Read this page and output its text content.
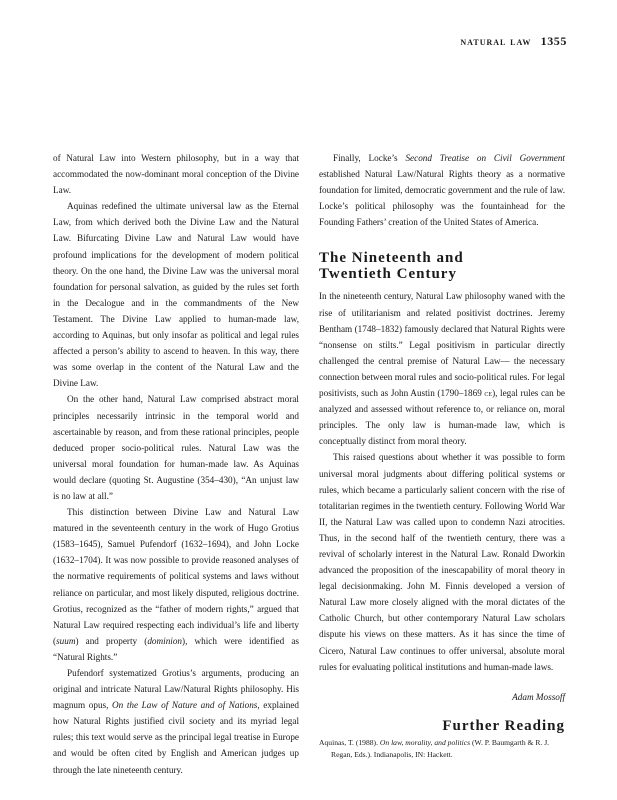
natural law 1355

of Natural Law into Western philosophy, but in a way that accommodated the now-dominant moral conception of the Divine Law.

Aquinas redefined the ultimate universal law as the Eternal Law, from which derived both the Divine Law and the Natural Law. Bifurcating Divine Law and Natural Law would have profound implications for the development of modern political theory. On the one hand, the Divine Law was the universal moral foundation for personal salvation, as guided by the rules set forth in the Decalogue and in the commandments of the New Testament. The Divine Law applied to human-made law, according to Aquinas, but only insofar as political and legal rules affected a person’s ability to ascend to heaven. In this way, there was some overlap in the content of the Natural Law and the Divine Law.

On the other hand, Natural Law comprised abstract moral principles necessarily intrinsic in the temporal world and ascertainable by reason, and from these rational principles, people deduced proper socio-political rules. Natural Law was the universal moral foundation for human-made law. As Aquinas would declare (quoting St. Augustine (354–430), “An unjust law is no law at all.”

This distinction between Divine Law and Natural Law matured in the seventeenth century in the work of Hugo Grotius (1583–1645), Samuel Pufendorf (1632–1694), and John Locke (1632–1704). It was now possible to provide reasoned analyses of the normative requirements of political systems and laws without reliance on particular, and most likely disputed, religious doctrine. Grotius, recognized as the “father of modern rights,” argued that Natural Law required respecting each individual’s life and liberty (suum) and property (dominion), which were identified as “Natural Rights.”

Pufendorf systematized Grotius’s arguments, producing an original and intricate Natural Law/Natural Rights philosophy. His magnum opus, On the Law of Nature and of Nations, explained how Natural Rights justified civil society and its myriad legal rules; this text would serve as the principal legal treatise in Europe and would be often cited by English and American judges up through the late nineteenth century.

Finally, Locke’s Second Treatise on Civil Government established Natural Law/Natural Rights theory as a normative foundation for limited, democratic government and the rule of law. Locke’s political philosophy was the fountainhead for the Founding Fathers’ creation of the United States of America.

The Nineteenth and
Twentieth Century

In the nineteenth century, Natural Law philosophy waned with the rise of utilitarianism and related positivist doctrines. Jeremy Bentham (1748–1832) famously declared that Natural Rights were “nonsense on stilts.” Legal positivism in particular directly challenged the central premise of Natural Law— the necessary connection between moral rules and socio-political rules. For legal positivists, such as John Austin (1790–1869 ce), legal rules can be analyzed and assessed without reference to, or reliance on, moral principles. The only law is human-made law, which is conceptually distinct from moral theory.

This raised questions about whether it was possible to form universal moral judgments about differing political systems or rules, which became a particularly salient concern with the rise of totalitarian regimes in the twentieth century. Following World War II, the Natural Law was called upon to condemn Nazi atrocities. Thus, in the second half of the twentieth century, there was a revival of scholarly interest in the Natural Law. Ronald Dworkin advanced the proposition of the inescapability of moral theory in legal decisionmaking. John M. Finnis developed a version of Natural Law more closely aligned with the moral dictates of the Catholic Church, but other contemporary Natural Law scholars dispute his views on these matters. As it has since the time of Cicero, Natural Law continues to offer universal, absolute moral rules for evaluating political institutions and human-made laws.

Adam Mossoff

Further Reading
Aquinas, T. (1988). On law, morality, and politics (W. P. Baumgarth & R. J. Regan, Eds.). Indianapolis, IN: Hackett.
